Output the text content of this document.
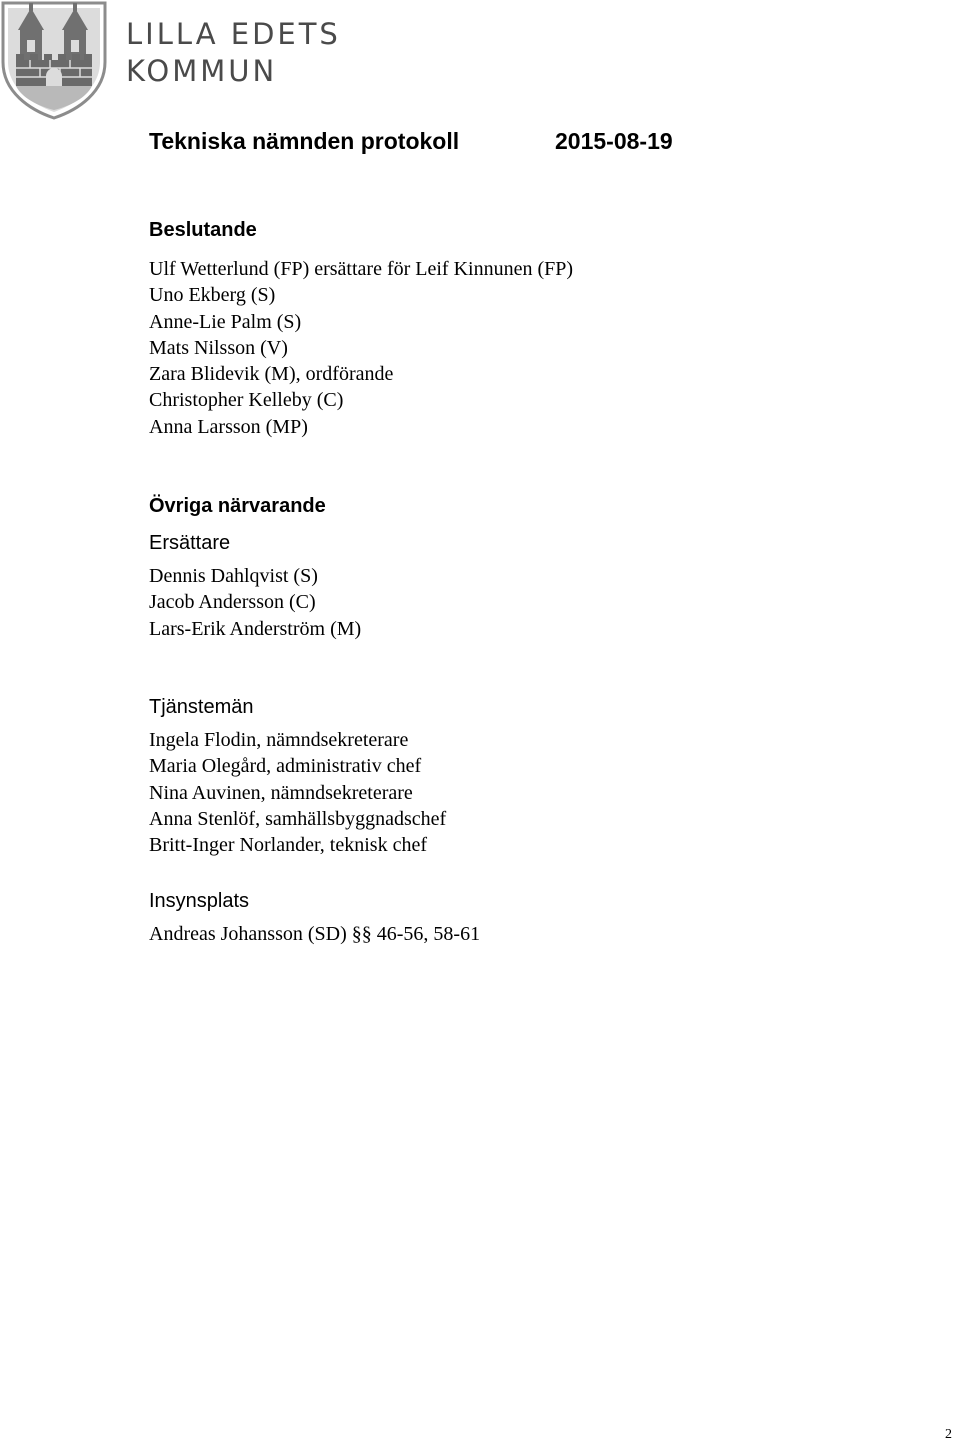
LILLA EDETS
KOMMUN
Tekniska nämnden protokoll	2015-08-19
Beslutande
Ulf Wetterlund (FP) ersättare för Leif Kinnunen (FP)
Uno Ekberg (S)
Anne-Lie Palm (S)
Mats Nilsson (V)
Zara Blidevik (M), ordförande
Christopher Kelleby (C)
Anna Larsson (MP)
Övriga närvarande
Ersättare
Dennis Dahlqvist (S)
Jacob Andersson (C)
Lars-Erik Anderström (M)
Tjänstemän
Ingela Flodin, nämndsekreterare
Maria Olegård, administrativ chef
Nina Auvinen, nämndsekreterare
Anna Stenlöf, samhällsbyggnadschef
Britt-Inger Norlander, teknisk chef
Insynsplats
Andreas Johansson (SD) §§ 46-56, 58-61
2
